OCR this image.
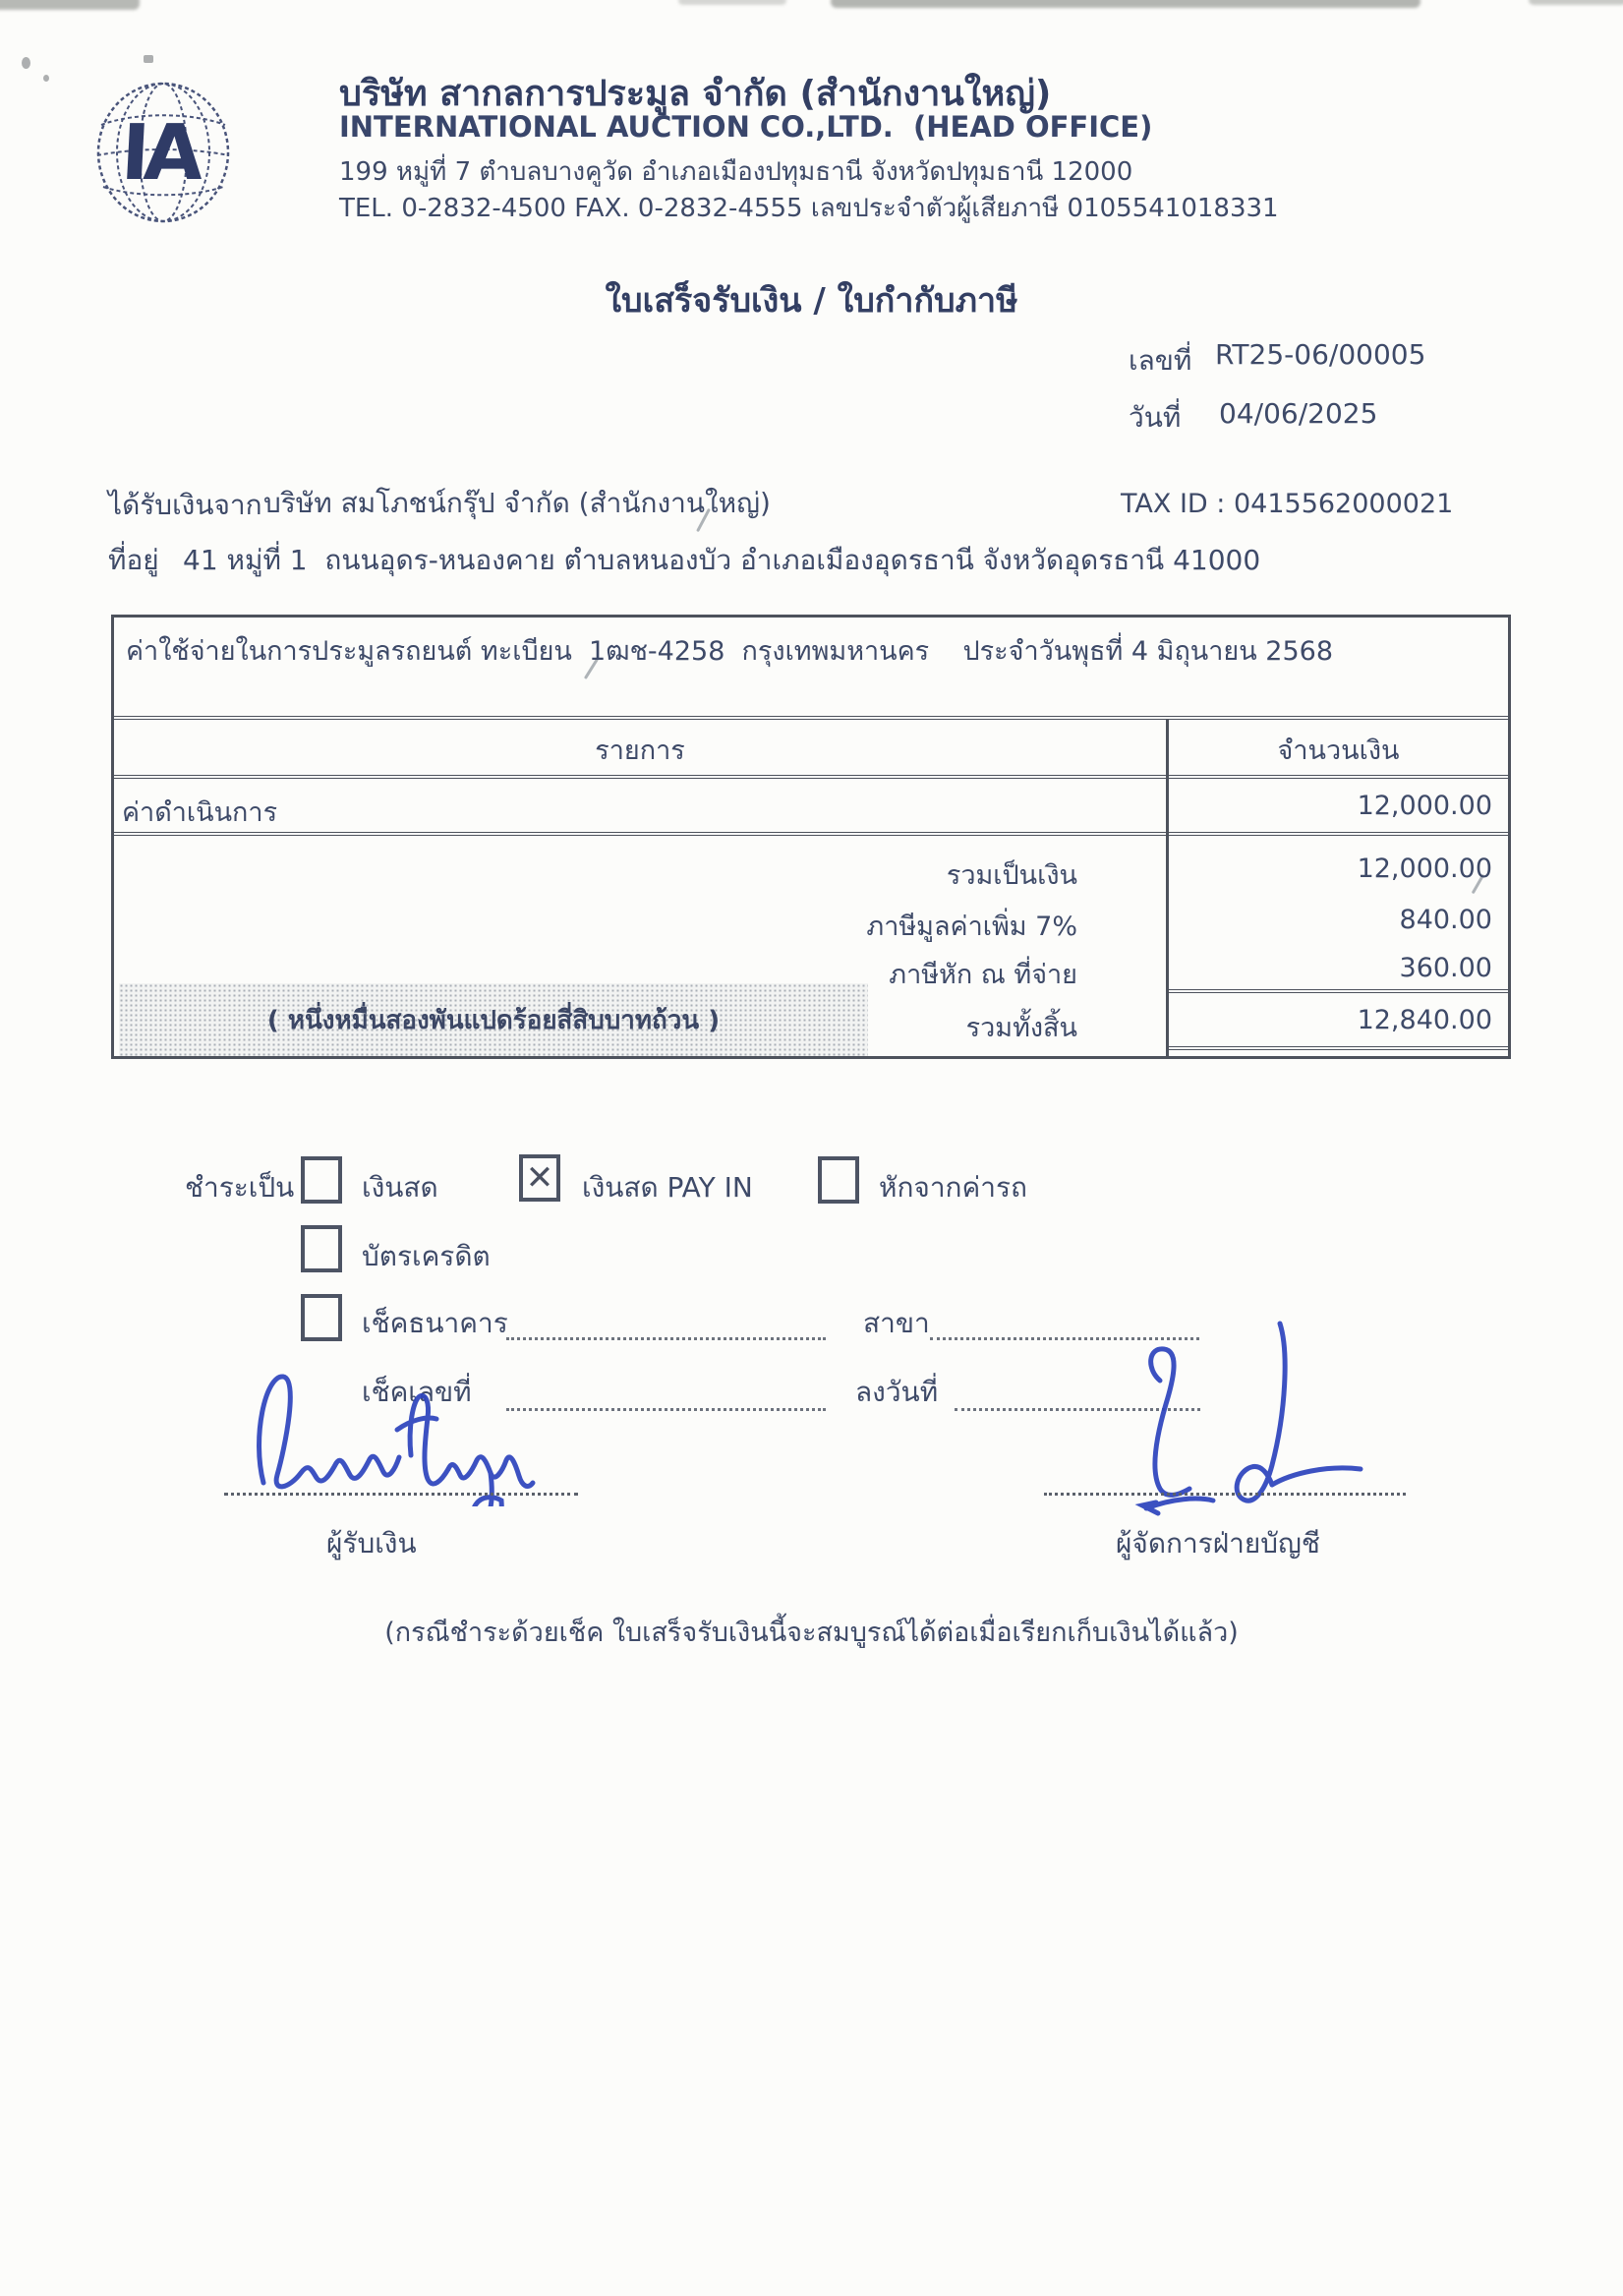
IA
บริษัท สากลการประมูล จำกัด (สำนักงานใหญ่)
INTERNATIONAL AUCTION CO.,LTD.  (HEAD OFFICE)
199 หมู่ที่ 7 ตำบลบางคูวัด อำเภอเมืองปทุมธานี จังหวัดปทุมธานี 12000
TEL. 0-2832-4500 FAX. 0-2832-4555 เลขประจำตัวผู้เสียภาษี 0105541018331
ใบเสร็จรับเงิน / ใบกำกับภาษี
เลขที่ RT25-06/00005
วันที่ 04/06/2025
ได้รับเงินจาก บริษัท สมโภชน์กรุ๊ป จำกัด (สำนักงานใหญ่)	TAX ID : 0415562000021
ที่อยู่ 41 หมู่ที่ 1  ถนนอุดร-หนองคาย ตำบลหนองบัว อำเภอเมืองอุดรธานี จังหวัดอุดรธานี 41000
ค่าใช้จ่ายในการประมูลรถยนต์ ทะเบียน  1ฒช-4258  กรุงเทพมหานคร    ประจำวันพุธที่ 4 มิถุนายน 2568
รายการ	จำนวนเงิน
ค่าดำเนินการ	12,000.00
รวมเป็นเงิน	12,000.00
ภาษีมูลค่าเพิ่ม 7%	840.00
ภาษีหัก ณ ที่จ่าย	360.00
( หนึ่งหมื่นสองพันแปดร้อยสี่สิบบาทถ้วน )	รวมทั้งสิ้น	12,840.00
ชำระเป็น เงินสด	✕ เงินสด PAY IN	หักจากค่ารถ
บัตรเครดิต
เช็คธนาคาร	สาขา
เช็คเลขที่	ลงวันที่
ผู้รับเงิน	ผู้จัดการฝ่ายบัญชี
(กรณีชำระด้วยเช็ค ใบเสร็จรับเงินนี้จะสมบูรณ์ได้ต่อเมื่อเรียกเก็บเงินได้แล้ว)
